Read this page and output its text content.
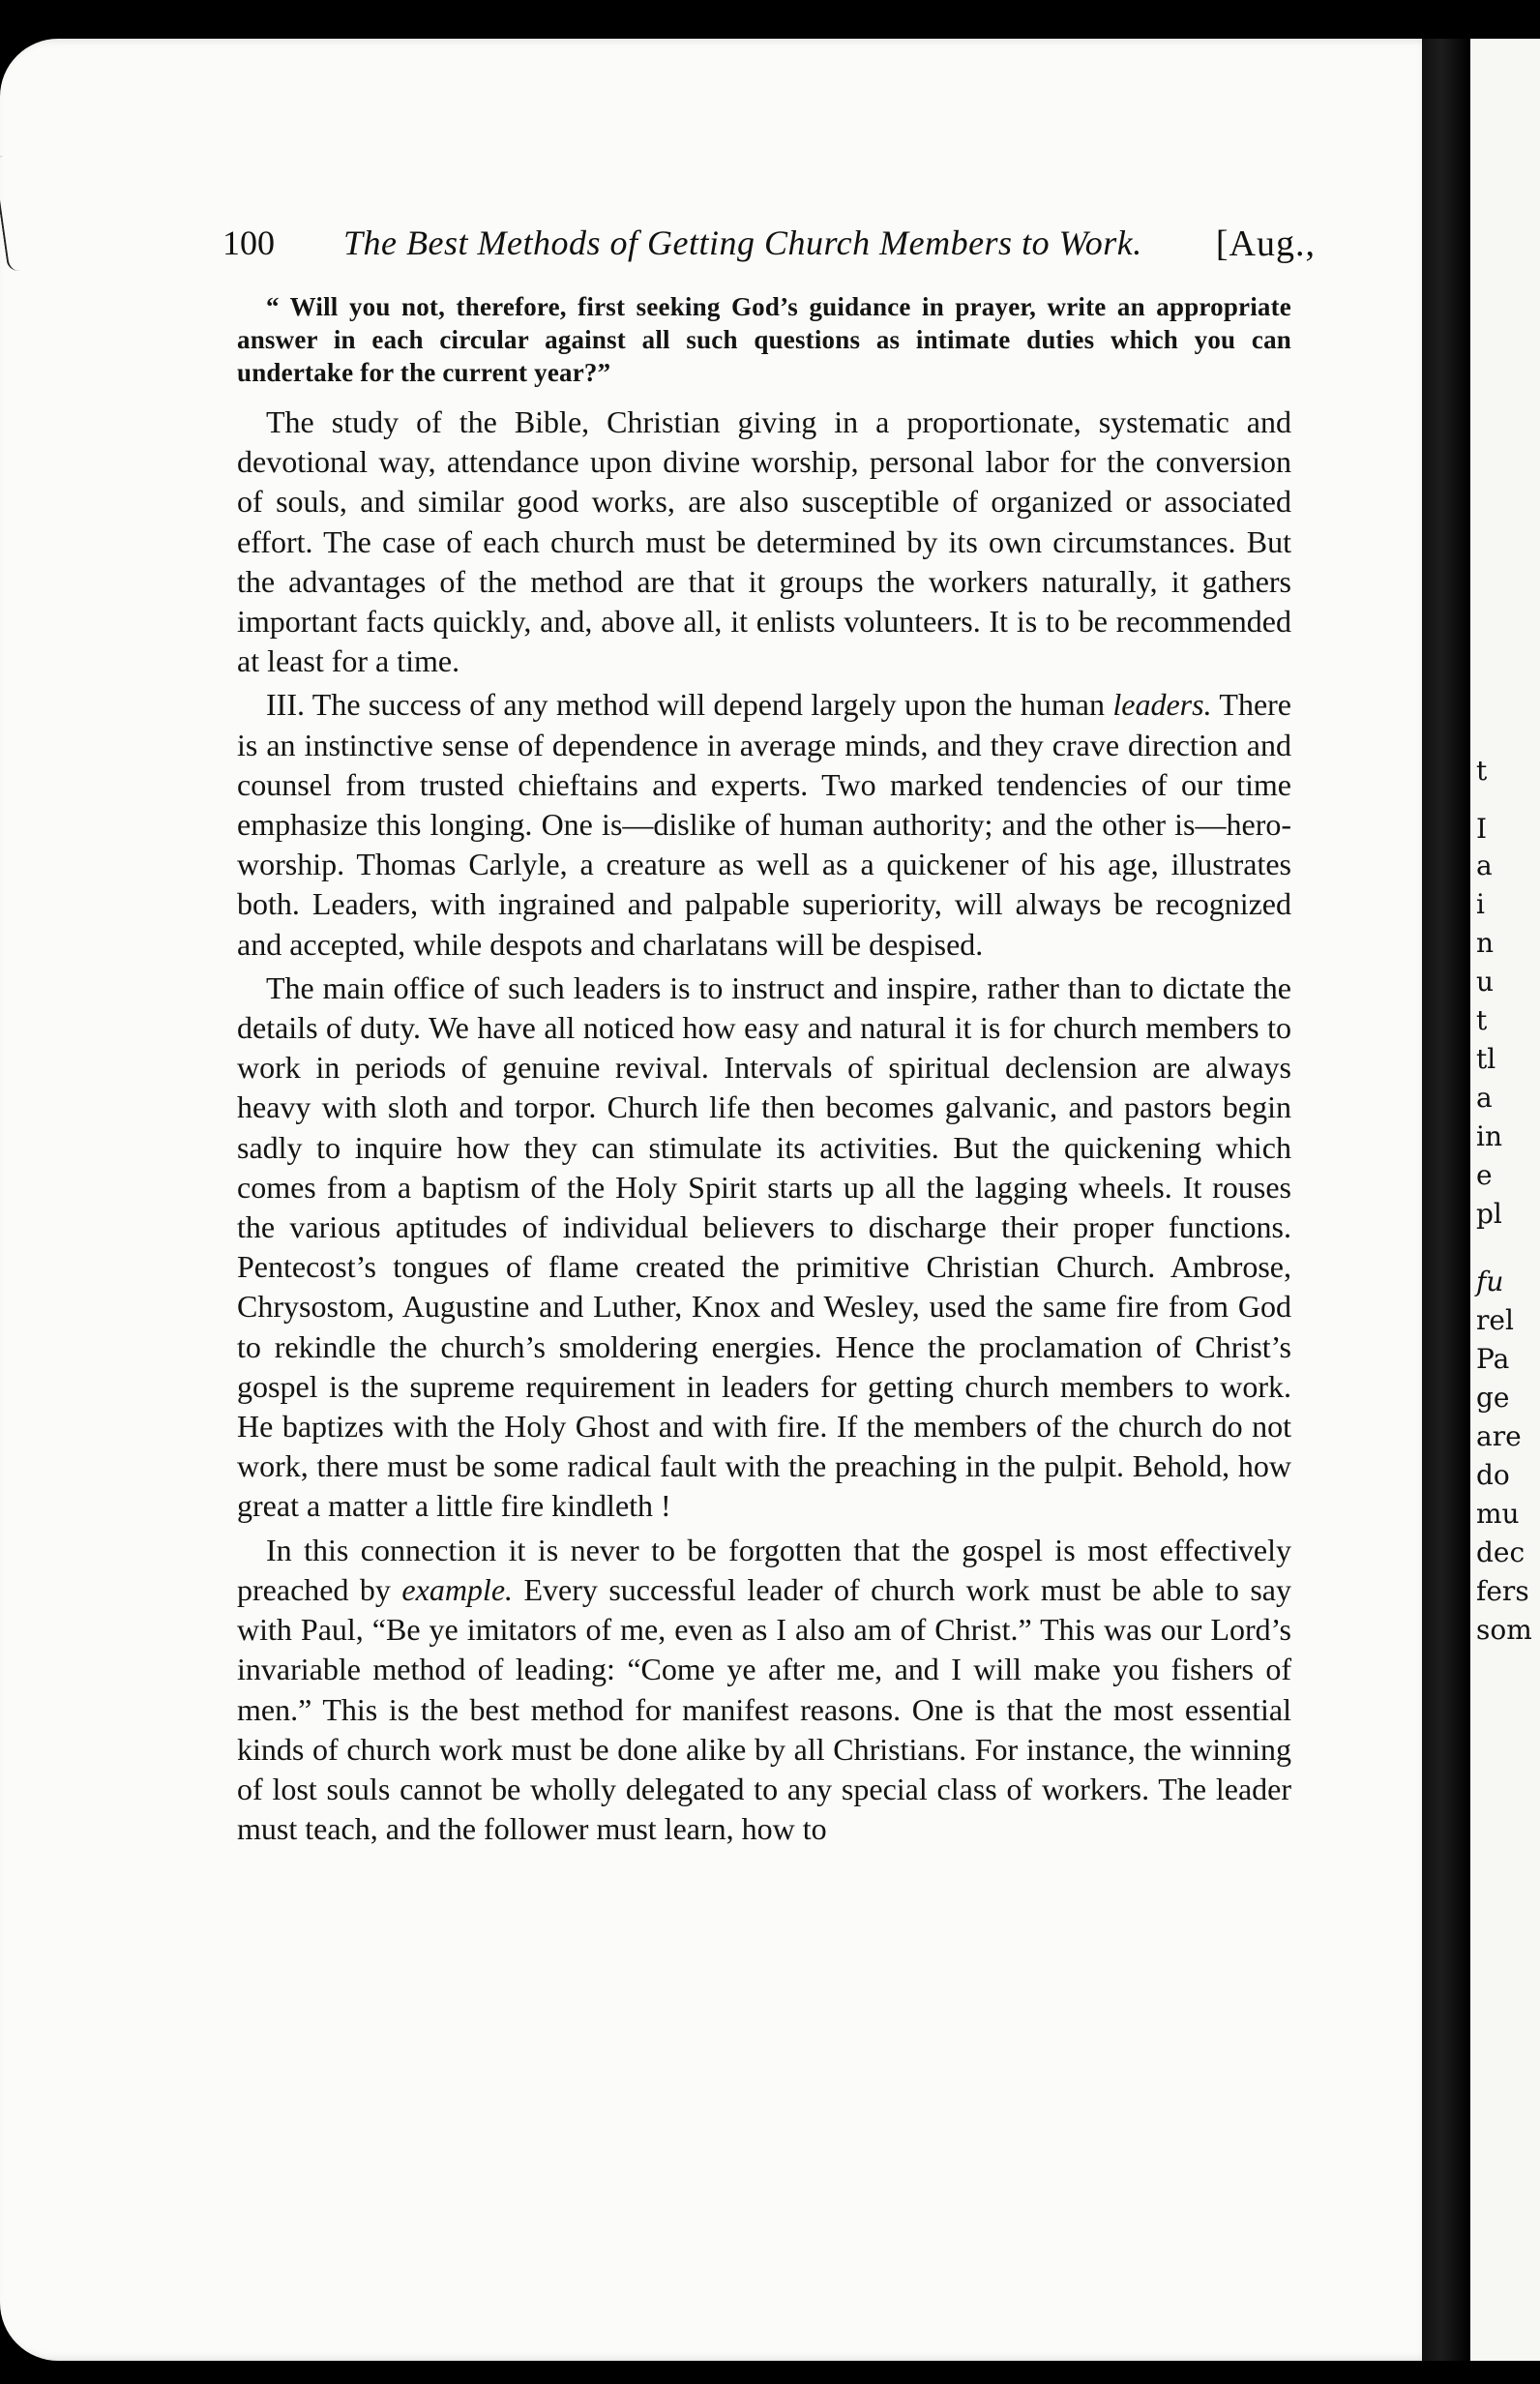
t
I
a
i
n
u
t
tl
a
in
e
pl
fu
rel
Pa
ge
are
do
mu
dec
fers
som
100 The Best Methods of Getting Church Members to Work. [Aug.,

“ Will you not, therefore, first seeking God’s guidance in prayer, write an appropriate answer in each circular against all such questions as intimate duties which you can undertake for the current year?”

The study of the Bible, Christian giving in a proportionate, systematic and devotional way, attendance upon divine worship, personal labor for the conversion of souls, and similar good works, are also susceptible of organized or associated effort. The case of each church must be determined by its own circumstances. But the advantages of the method are that it groups the workers naturally, it gathers important facts quickly, and, above all, it enlists volunteers. It is to be recommended at least for a time.

III. The success of any method will depend largely upon the human leaders. There is an instinctive sense of dependence in average minds, and they crave direction and counsel from trusted chieftains and experts. Two marked tendencies of our time emphasize this longing. One is—dislike of human authority; and the other is—hero-worship. Thomas Carlyle, a creature as well as a quickener of his age, illustrates both. Leaders, with ingrained and palpable superiority, will always be recognized and accepted, while despots and charlatans will be despised.

The main office of such leaders is to instruct and inspire, rather than to dictate the details of duty. We have all noticed how easy and natural it is for church members to work in periods of genuine revival. Intervals of spiritual declension are always heavy with sloth and torpor. Church life then becomes galvanic, and pastors begin sadly to inquire how they can stimulate its activities. But the quickening which comes from a baptism of the Holy Spirit starts up all the lagging wheels. It rouses the various aptitudes of individual believers to discharge their proper functions. Pentecost’s tongues of flame created the primitive Christian Church. Ambrose, Chrysostom, Augustine and Luther, Knox and Wesley, used the same fire from God to rekindle the church’s smoldering energies. Hence the proclamation of Christ’s gospel is the supreme requirement in leaders for getting church members to work. He baptizes with the Holy Ghost and with fire. If the members of the church do not work, there must be some radical fault with the preaching in the pulpit. Behold, how great a matter a little fire kindleth !

In this connection it is never to be forgotten that the gospel is most effectively preached by example. Every successful leader of church work must be able to say with Paul, “Be ye imitators of me, even as I also am of Christ.” This was our Lord’s invariable method of leading: “Come ye after me, and I will make you fishers of men.” This is the best method for manifest reasons. One is that the most essential kinds of church work must be done alike by all Christians. For instance, the winning of lost souls cannot be wholly delegated to any special class of workers. The leader must teach, and the follower must learn, how to
